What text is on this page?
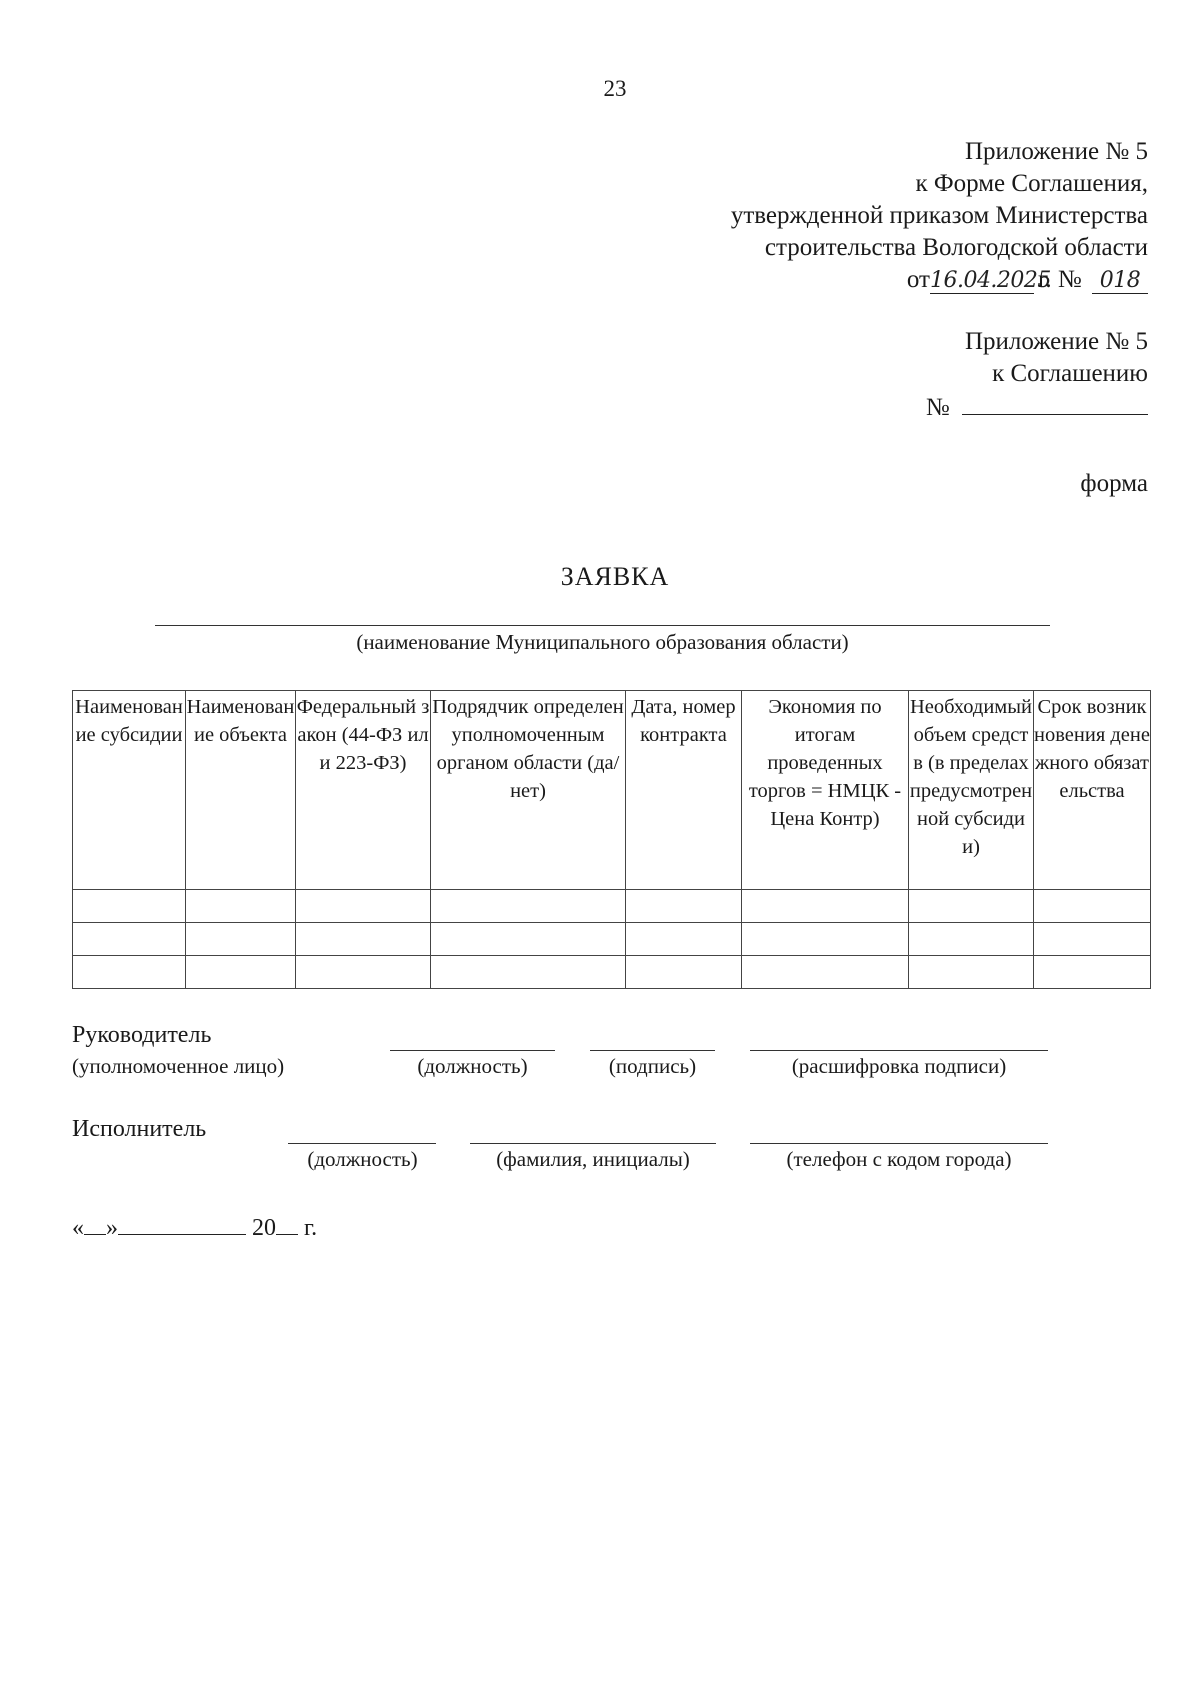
23
Приложение № 5
к Форме Соглашения,
утвержденной приказом Министерства
строительства Вологодской области
от16.04.2025г. № 018
Приложение № 5
к Соглашению
№
форма
ЗАЯВКА
(наименование Муниципального образования области)
Наименование субсидии	Наименование объекта	Федеральный закон (44-ФЗ или 223-ФЗ)	Подрядчик определен уполномоченным органом области (да/нет)	Дата, номер контракта	Экономия по итогам проведенных торгов = НМЦК - Цена Контр)	Необходимый объем средств (в пределах предусмотренной субсидии)	Срок возникновения денежного обязательства

Руководитель
(уполномоченное лицо)	(должность)	(подпись)	(расшифровка подписи)
Исполнитель
(должность)	(фамилия, инициалы)	(телефон с кодом города)
« »	20 г.
